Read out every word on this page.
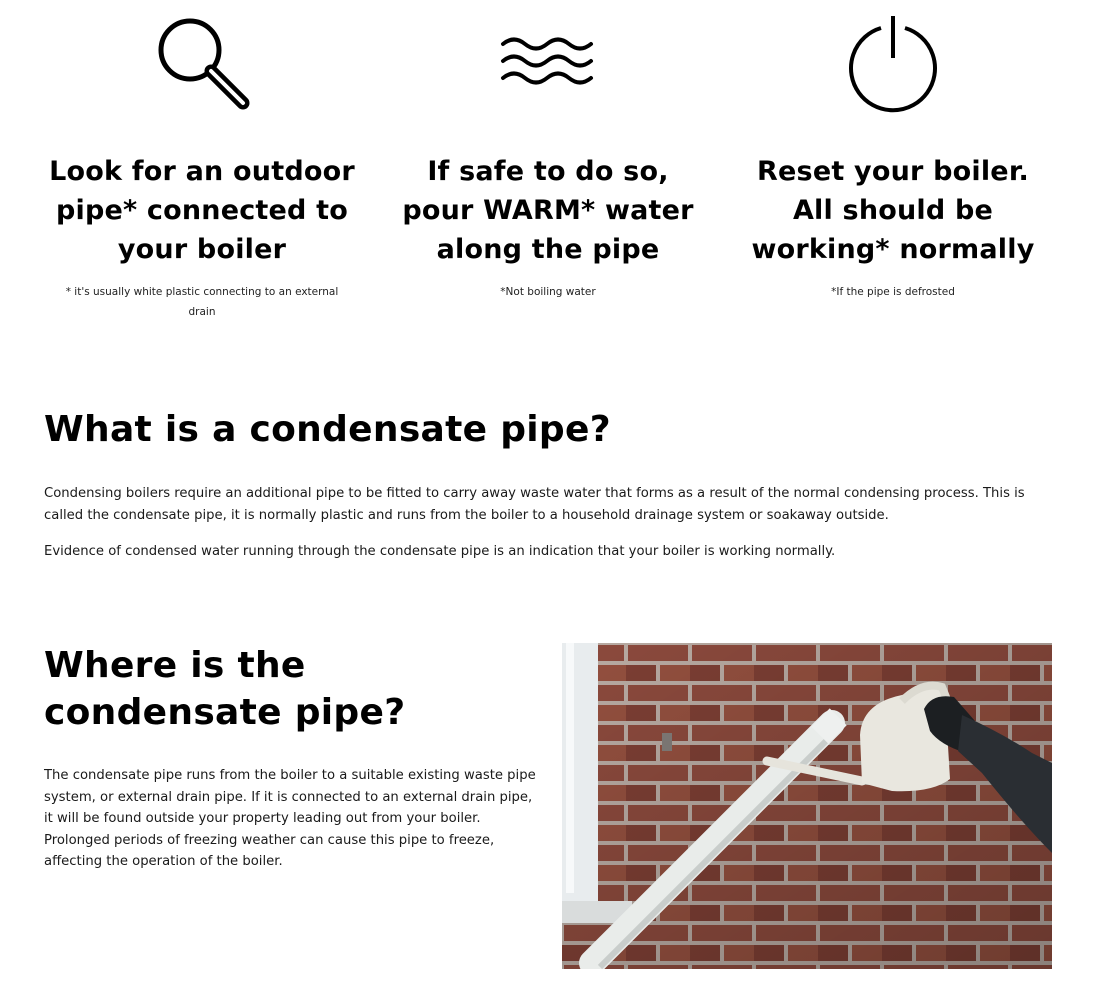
Look for an outdoor
pipe* connected to
your boiler

* it's usually white plastic connecting to an external drain

If safe to do so,
pour WARM* water
along the pipe

*Not boiling water

Reset your boiler.
All should be
working* normally

*If the pipe is defrosted

What is a condensate pipe?

Condensing boilers require an additional pipe to be fitted to carry away waste water that forms as a result of the normal condensing process. This is called the condensate pipe, it is normally plastic and runs from the boiler to a household drainage system or soakaway outside.

Evidence of condensed water running through the condensate pipe is an indication that your boiler is working normally.

Where is the condensate pipe?

The condensate pipe runs from the boiler to a suitable existing waste pipe system, or external drain pipe. If it is connected to an external drain pipe, it will be found outside your property leading out from your boiler. Prolonged periods of freezing weather can cause this pipe to freeze, affecting the operation of the boiler.
